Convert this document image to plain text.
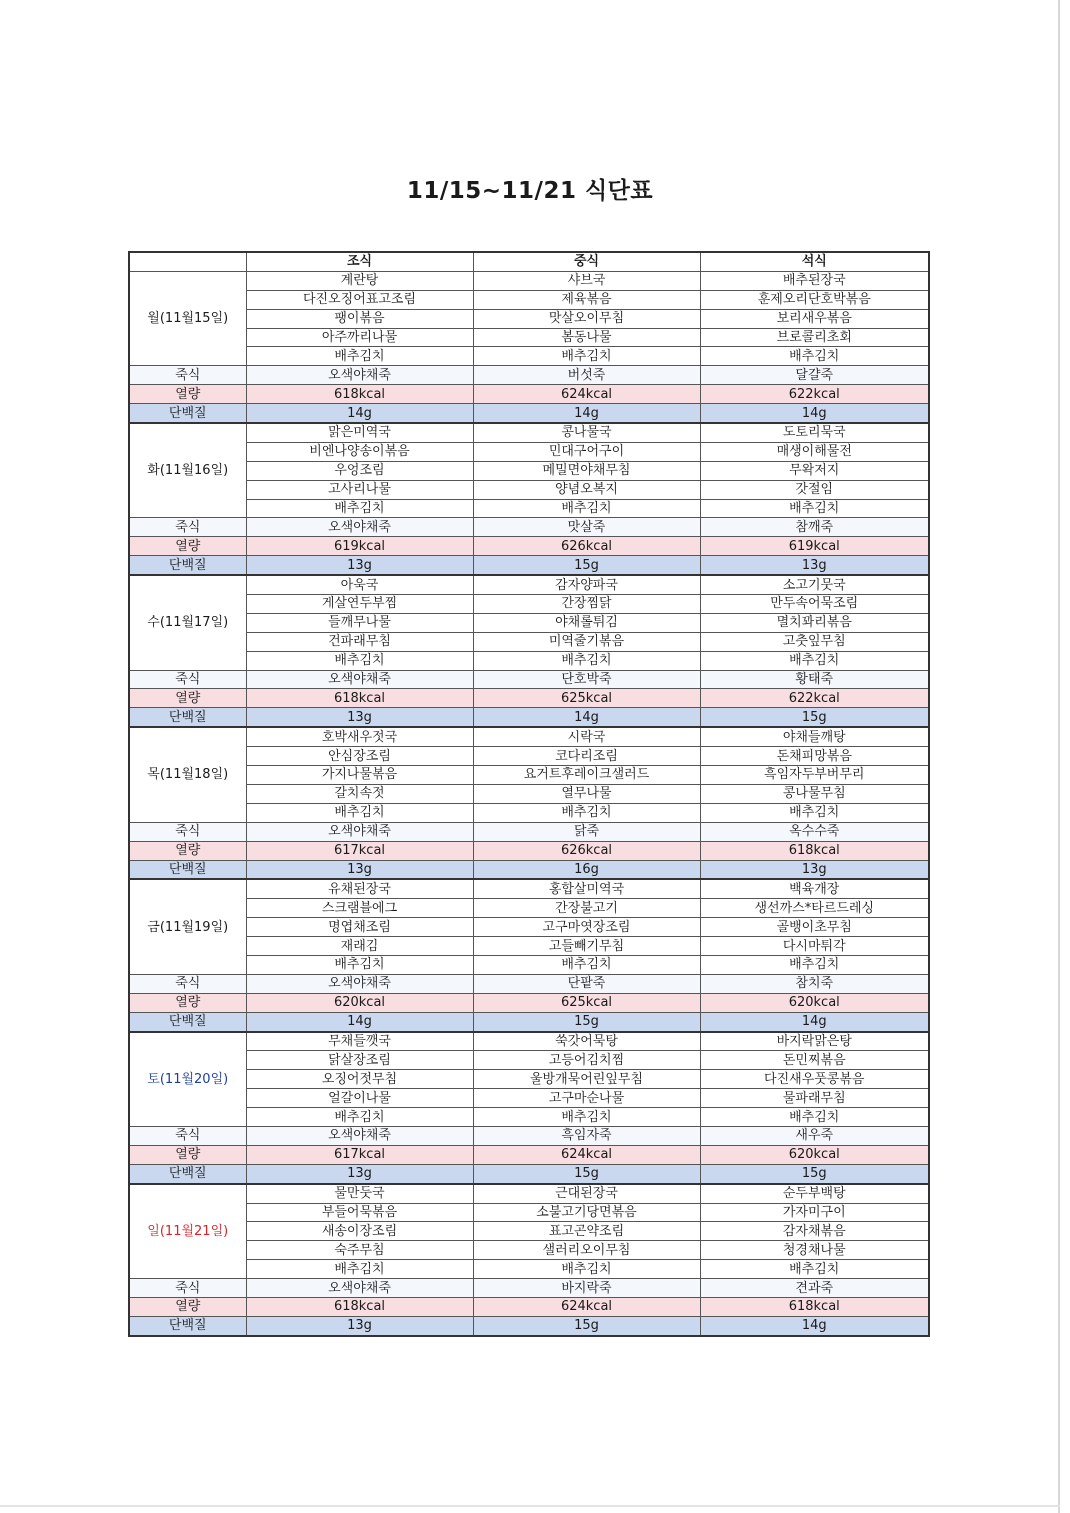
11/15~11/21 식단표
	조식	중식	석식
월(11월15일)	계란탕	샤브국	배추된장국
	다진오징어표고조림	제육볶음	훈제오리단호박볶음
	팽이볶음	맛살오이무침	보리새우볶음
	아주까리나물	봄동나물	브로콜리초회
	배추김치	배추김치	배추김치
죽식	오색야채죽	버섯죽	달걀죽
열량	618kcal	624kcal	622kcal
단백질	14g	14g	14g
화(11월16일)	맑은미역국	콩나물국	도토리묵국
	비엔나양송이볶음	민대구어구이	매생이해물전
	우엉조림	메밀면야채무침	무왁저지
	고사리나물	양념오복지	갓절임
	배추김치	배추김치	배추김치
죽식	오색야채죽	맛살죽	참깨죽
열량	619kcal	626kcal	619kcal
단백질	13g	15g	13g
수(11월17일)	아욱국	감자양파국	소고기뭇국
	게살연두부찜	간장찜닭	만두속어묵조림
	들깨무나물	야채롤튀김	멸치꽈리볶음
	건파래무침	미역줄기볶음	고춧잎무침
	배추김치	배추김치	배추김치
죽식	오색야채죽	단호박죽	황태죽
열량	618kcal	625kcal	622kcal
단백질	13g	14g	15g
목(11월18일)	호박새우젓국	시락국	야채들깨탕
	안심장조림	코다리조림	돈채피망볶음
	가지나물볶음	요거트후레이크샐러드	흑임자두부버무리
	갈치속젓	열무나물	콩나물무침
	배추김치	배추김치	배추김치
죽식	오색야채죽	닭죽	옥수수죽
열량	617kcal	626kcal	618kcal
단백질	13g	16g	13g
금(11월19일)	유채된장국	홍합살미역국	백육개장
	스크램블에그	간장불고기	생선까스*타르드레싱
	명엽채조림	고구마엿장조림	골뱅이초무침
	재래김	고들빼기무침	다시마튀각
	배추김치	배추김치	배추김치
죽식	오색야채죽	단팥죽	참치죽
열량	620kcal	625kcal	620kcal
단백질	14g	15g	14g
토(11월20일)	무채들깻국	쑥갓어묵탕	바지락맑은탕
	닭살장조림	고등어김치찜	돈민찌볶음
	오징어젓무침	울방개묵어린잎무침	다진새우풋콩볶음
	얼갈이나물	고구마순나물	물파래무침
	배추김치	배추김치	배추김치
죽식	오색야채죽	흑임자죽	새우죽
열량	617kcal	624kcal	620kcal
단백질	13g	15g	15g
일(11월21일)	물만둣국	근대된장국	순두부백탕
	부들어묵볶음	소불고기당면볶음	가자미구이
	새송이장조림	표고곤약조림	감자채볶음
	숙주무침	샐러리오이무침	청경채나물
	배추김치	배추김치	배추김치
죽식	오색야채죽	바지락죽	견과죽
열량	618kcal	624kcal	618kcal
단백질	13g	15g	14g
